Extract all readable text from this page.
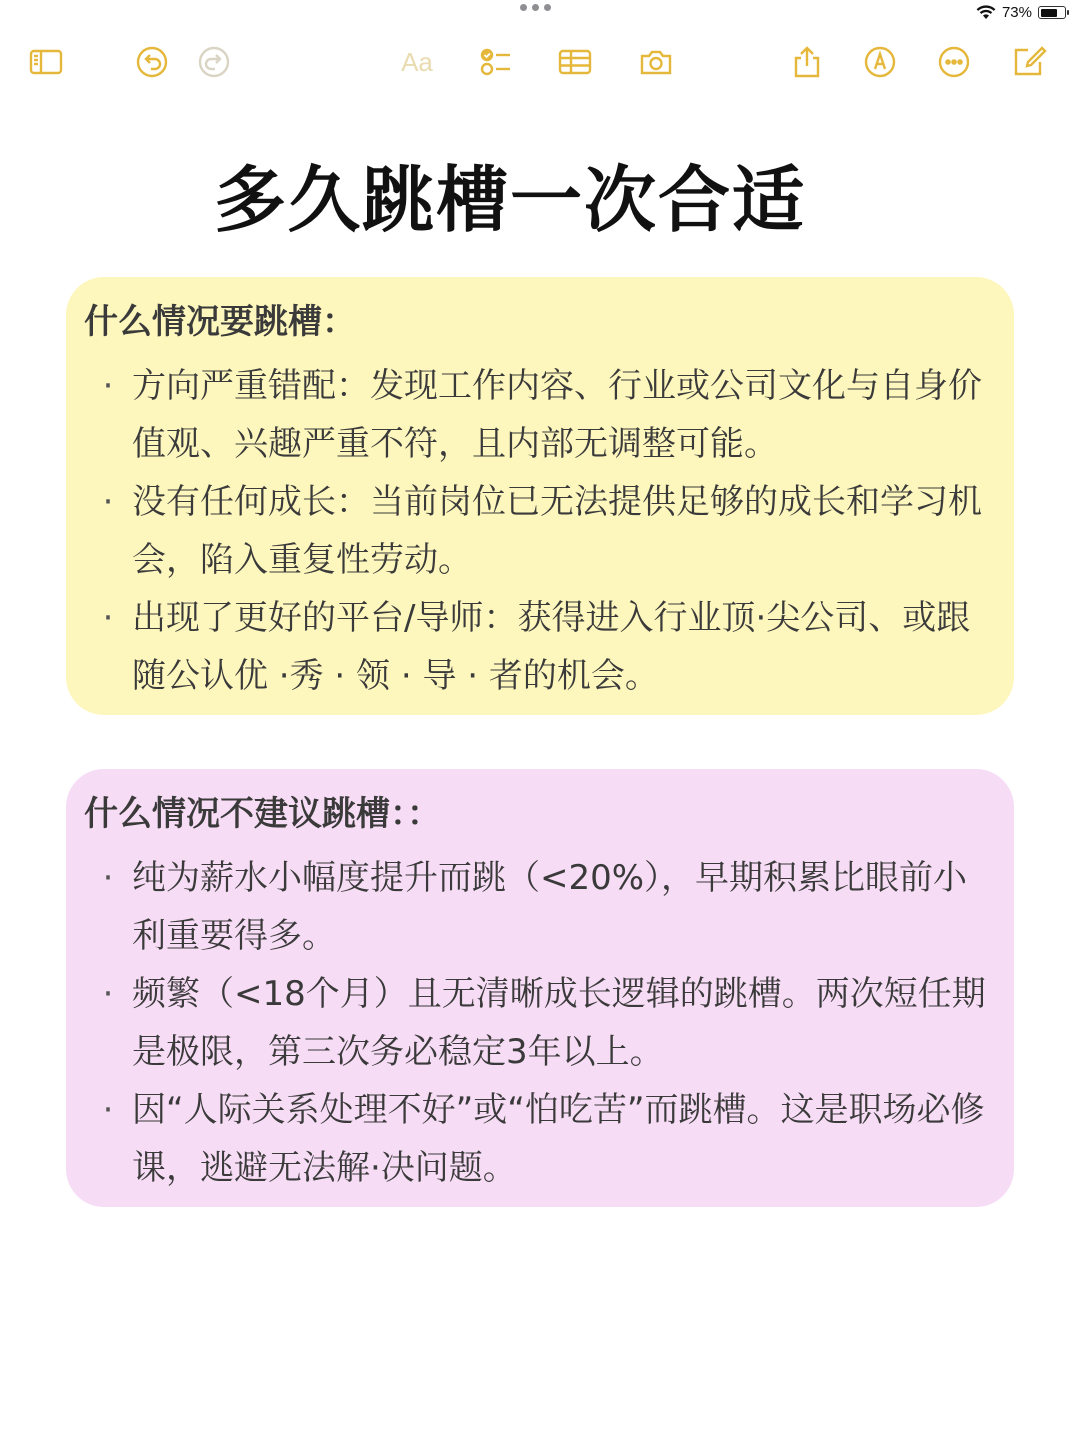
73%
Aa
多久跳槽一次合适
什么情况要跳槽：
· 方向严重错配：发现工作内容、行业或公司文化与自身价值观、兴趣严重不符，且内部无调整可能。
· 没有任何成长：当前岗位已无法提供足够的成长和学习机会，陷入重复性劳动。
· 出现了更好的平台/导师：获得进入行业顶·尖公司、或跟随公认优 ·秀 · 领 · 导 · 者的机会。
什么情况不建议跳槽：：
· 纯为薪水小幅度提升而跳（<20%），早期积累比眼前小利重要得多。
· 频繁（<18个月）且无清晰成长逻辑的跳槽。两次短任期是极限，第三次务必稳定3年以上。
· 因“人际关系处理不好”或“怕吃苦”而跳槽。这是职场必修课，逃避无法解·决问题。
